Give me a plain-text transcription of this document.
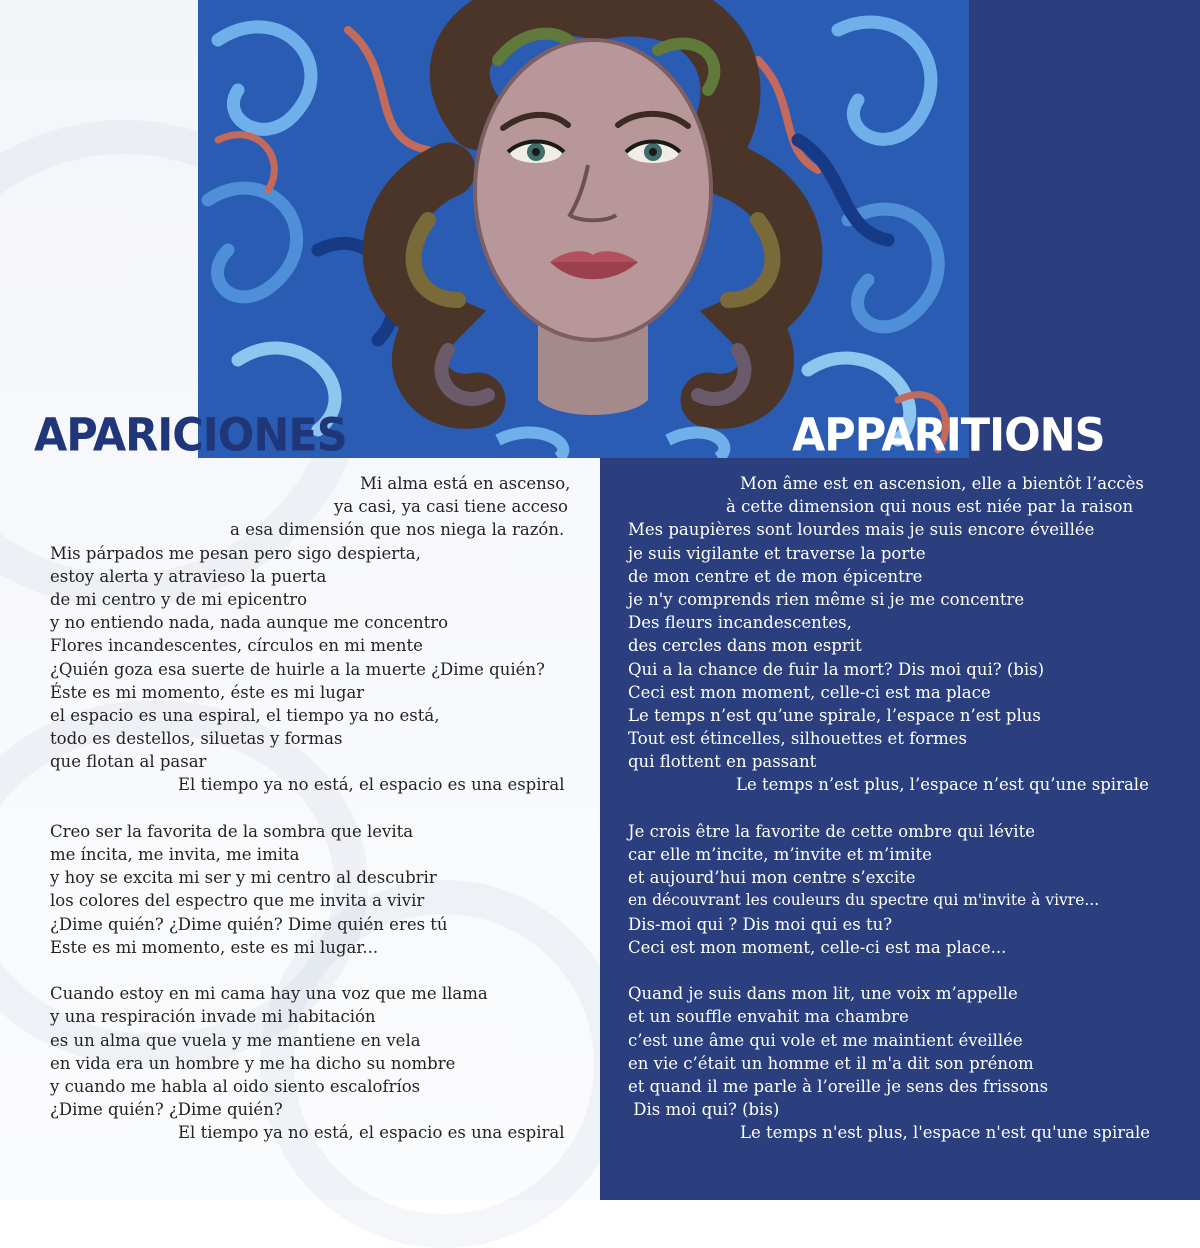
APARICIONES	APPARITIONS
Mi alma está en ascenso,
ya casi, ya casi tiene acceso
a esa dimensión que nos niega la razón.
Mis párpados me pesan pero sigo despierta,
estoy alerta y atravieso la puerta
de mi centro y de mi epicentro
y no entiendo nada, nada aunque me concentro
Flores incandescentes, círculos en mi mente
¿Quién goza esa suerte de huirle a la muerte ¿Dime quién?
Éste es mi momento, éste es mi lugar
el espacio es una espiral, el tiempo ya no está,
todo es destellos, siluetas y formas
que flotan al pasar
El tiempo ya no está, el espacio es una espiral
Creo ser la favorita de la sombra que levita
me íncita, me invita, me imita
y hoy se excita mi ser y mi centro al descubrir
los colores del espectro que me invita a vivir
¿Dime quién? ¿Dime quién? Dime quién eres tú
Este es mi momento, este es mi lugar...
Cuando estoy en mi cama hay una voz que me llama
y una respiración invade mi habitación
es un alma que vuela y me mantiene en vela
en vida era un hombre y me ha dicho su nombre
y cuando me habla al oido siento escalofríos
¿Dime quién? ¿Dime quién?
El tiempo ya no está, el espacio es una espiral
Mon âme est en ascension, elle a bientôt l’accès
à cette dimension qui nous est niée par la raison
Mes paupières sont lourdes mais je suis encore éveillée
je suis vigilante et traverse la porte
de mon centre et de mon épicentre
je n'y comprends rien même si je me concentre
Des fleurs incandescentes,
des cercles dans mon esprit
Qui a la chance de fuir la mort? Dis moi qui? (bis)
Ceci est mon moment, celle-ci est ma place
Le temps n’est qu’une spirale, l’espace n’est plus
Tout est étincelles, silhouettes et formes
qui flottent en passant
Le temps n’est plus, l’espace n’est qu’une spirale
Je crois être la favorite de cette ombre qui lévite
car elle m’incite, m’invite et m’imite
et aujourd’hui mon centre s’excite
en découvrant les couleurs du spectre qui m'invite à vivre...
Dis-moi qui ? Dis moi qui es tu?
Ceci est mon moment, celle-ci est ma place...
Quand je suis dans mon lit, une voix m’appelle
et un souffle envahit ma chambre
c’est une âme qui vole et me maintient éveillée
en vie c’était un homme et il m'a dit son prénom
et quand il me parle à l’oreille je sens des frissons
Dis moi qui? (bis)
Le temps n'est plus, l'espace n'est qu'une spirale
